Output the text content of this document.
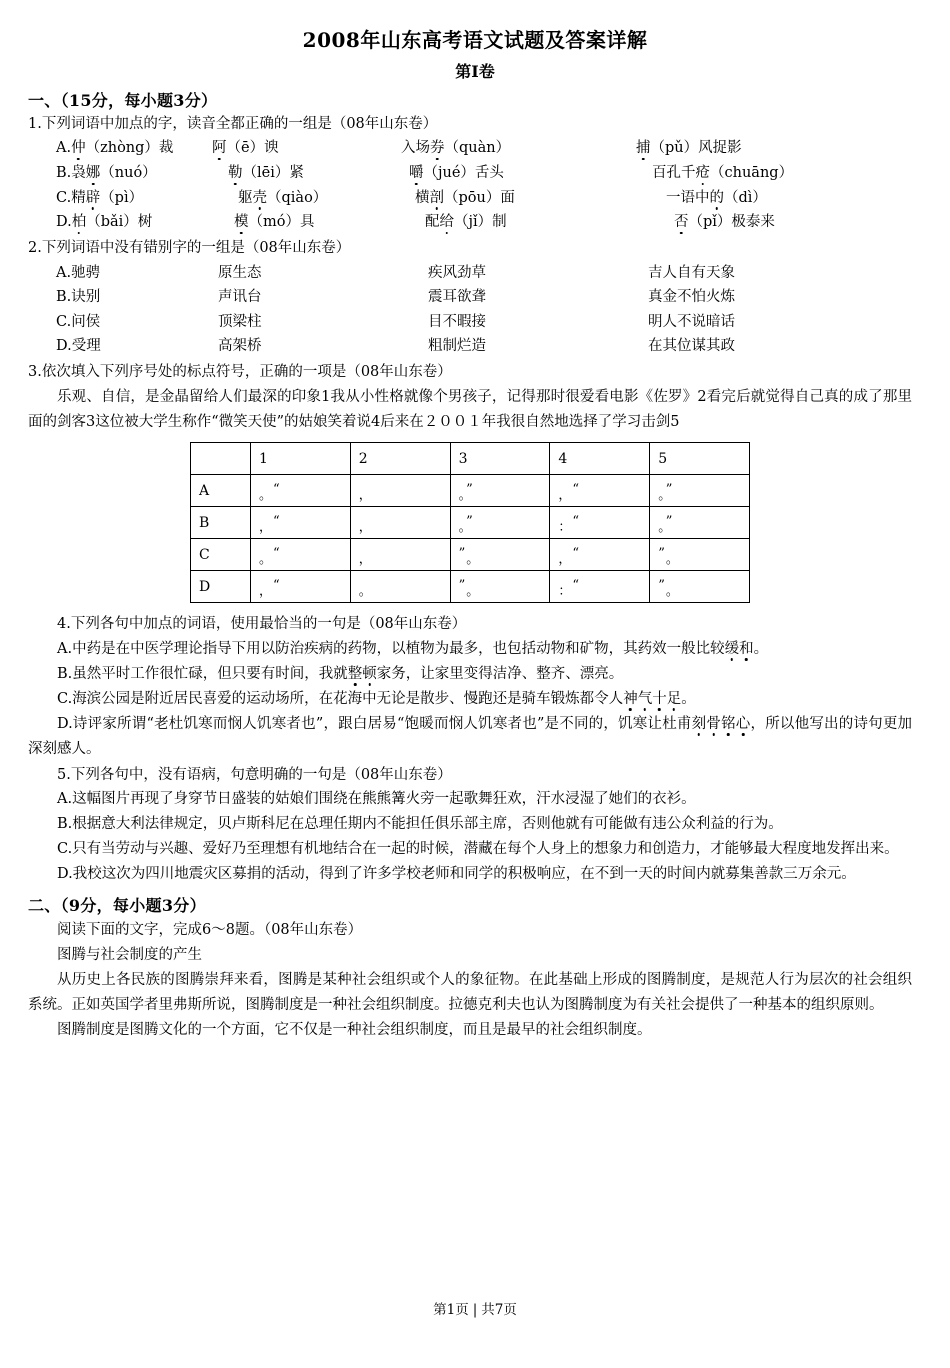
2008年山东高考语文试题及答案详解
第Ⅰ卷
一、（15分，每小题3分）
1.下列词语中加点的字，读音全都正确的一组是（08年山东卷）
A.仲（zhòng）裁	阿（ē）谀	入场券（quàn）	捕（pǔ）风捉影
B.袅娜（nuó）	勒（lēi）紧	嚼（jué）舌头	百孔千疮（chuāng）
C.精辟（pì）	躯壳（qiào）	横剖（pōu）面	一语中的（dì）
D.柏（bǎi）树	模（mó）具	配给（jǐ）制	否（pǐ）极泰来
2.下列词语中没有错别字的一组是（08年山东卷）
A.驰骋	原生态	疾风劲草	吉人自有天象
B.诀别	声讯台	震耳欲聋	真金不怕火炼
C.问侯	顶梁柱	目不暇接	明人不说暗话
D.受理	高架桥	粗制烂造	在其位谋其政
3.依次填入下列序号处的标点符号，正确的一项是（08年山东卷）
乐观、自信，是金晶留给人们最深的印象1我从小性格就像个男孩子，记得那时很爱看电影《佐罗》2看完后就觉得自己真的成了那里面的剑客3这位被大学生称作“微笑天使”的姑娘笑着说4后来在２００１年我很自然地选择了学习击剑5
	1	2	3	4	5
A	。“	，	。”	，“	。”
B	，“	，	。”	：“	。”
C	。“	，	”。	，“	”。
D	，“	。	”。	：“	”。
4.下列各句中加点的词语，使用最恰当的一句是（08年山东卷）
A.中药是在中医学理论指导下用以防治疾病的药物，以植物为最多，也包括动物和矿物，其药效一般比较缓和。
B.虽然平时工作很忙碌，但只要有时间，我就整顿家务，让家里变得洁净、整齐、漂亮。
C.海滨公园是附近居民喜爱的运动场所，在花海中无论是散步、慢跑还是骑车锻炼都令人神气十足。
D.诗评家所谓“老杜饥寒而悯人饥寒者也”，跟白居易“饱暖而悯人饥寒者也”是不同的，饥寒让杜甫刻骨铭心，所以他写出的诗句更加深刻感人。
5.下列各句中，没有语病，句意明确的一句是（08年山东卷）
A.这幅图片再现了身穿节日盛装的姑娘们围绕在熊熊篝火旁一起歌舞狂欢，汗水浸湿了她们的衣衫。
B.根据意大利法律规定，贝卢斯科尼在总理任期内不能担任俱乐部主席，否则他就有可能做有违公众利益的行为。
C.只有当劳动与兴趣、爱好乃至理想有机地结合在一起的时候，潜藏在每个人身上的想象力和创造力，才能够最大程度地发挥出来。
D.我校这次为四川地震灾区募捐的活动，得到了许多学校老师和同学的积极响应，在不到一天的时间内就募集善款三万余元。
二、（9分，每小题3分）
阅读下面的文字，完成6～8题。（08年山东卷）
图腾与社会制度的产生
从历史上各民族的图腾崇拜来看，图腾是某种社会组织或个人的象征物。在此基础上形成的图腾制度，是规范人行为层次的社会组织系统。正如英国学者里弗斯所说，图腾制度是一种社会组织制度。拉德克利夫也认为图腾制度为有关社会提供了一种基本的组织原则。
图腾制度是图腾文化的一个方面，它不仅是一种社会组织制度，而且是最早的社会组织制度。
第1页 | 共7页
